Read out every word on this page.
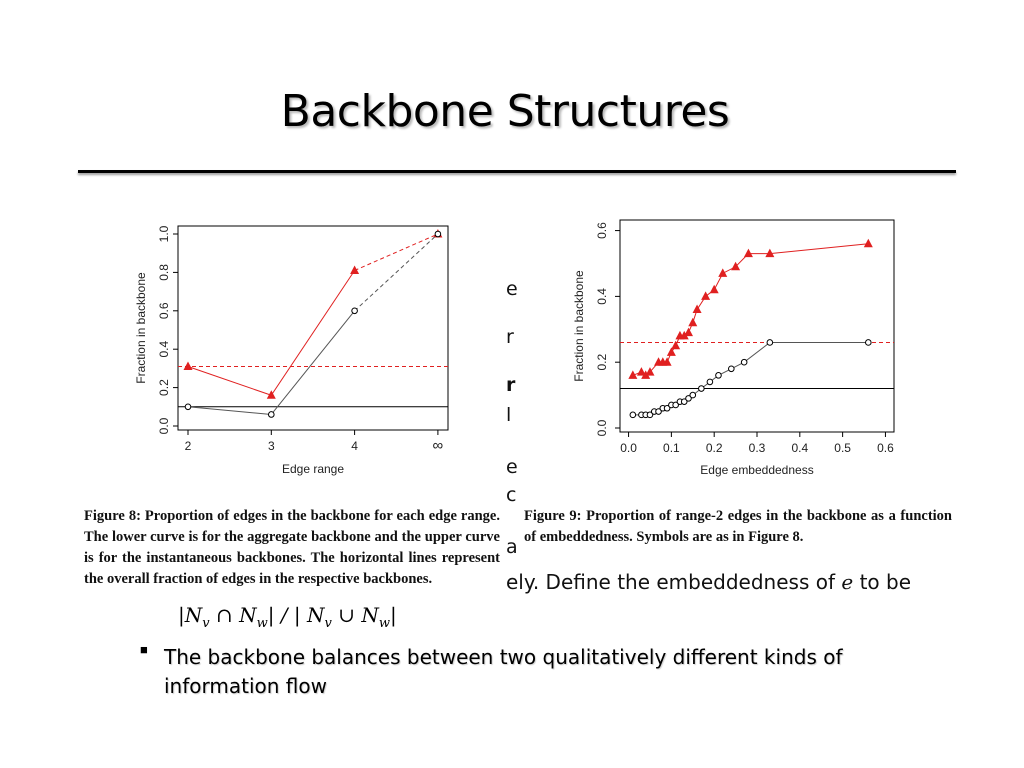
Backbone Structures
e
r
r
l
e
c
a
ely. Define the embeddedness of e to be
$|N_v$ ∩ $N_w|$ / | $N_v$ ∪ $N_w|$
■ The backbone balances between two qualitatively different kinds of information flow
0.0
0.2
0.4
0.6
0.8
1.0
2	3	4	∞
Edge range
Fraction in backbone
Figure 8: Proportion of edges in the backbone for each edge range. The lower curve is for the aggregate backbone and the upper curve is for the instantaneous backbones. The horizontal lines represent the overall fraction of edges in the respective backbones.
0.0
0.2
0.4
0.6
0.0 0.1 0.2 0.3 0.4 0.5 0.6
Edge embeddedness
Fraction in backbone
Figure 9: Proportion of range-2 edges in the backbone as a function of embeddedness. Symbols are as in Figure 8.
